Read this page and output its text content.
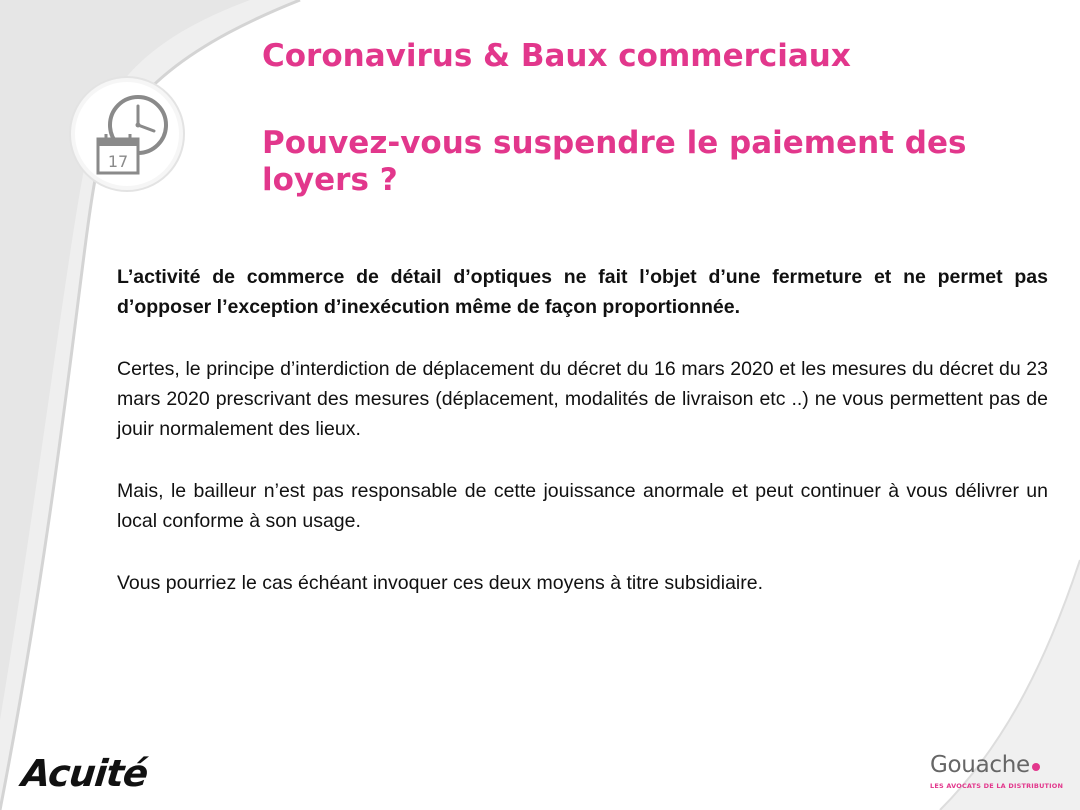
17
Coronavirus & Baux commerciaux
Pouvez-vous suspendre le paiement des loyers ?

L’activité de commerce de détail d’optiques ne fait l’objet d’une fermeture et ne permet pas d’opposer l’exception d’inexécution même de façon proportionnée.

Certes, le principe d’interdiction de déplacement du décret du 16 mars 2020 et les mesures du décret du 23 mars 2020 prescrivant des mesures (déplacement, modalités de livraison etc ..) ne vous permettent pas de jouir normalement des lieux.

Mais, le bailleur n’est pas responsable de cette jouissance anormale et peut continuer à vous délivrer un local conforme à son usage.

Vous pourriez le cas échéant invoquer ces deux moyens à titre subsidiaire.

Acuité	Gouache
LES AVOCATS DE LA DISTRIBUTION
